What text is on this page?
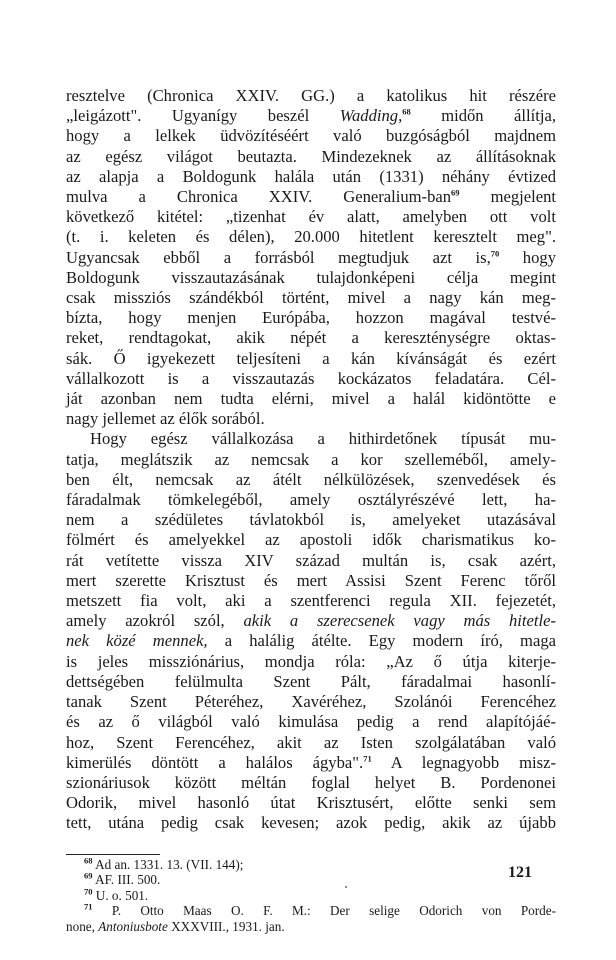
resztelve (Chronica XXIV. GG.) a katolikus hit részére
„leigázott". Ugyanígy beszél Wadding,$^{68}$ midőn állítja,
hogy a lelkek üdvözítéséért való buzgóságból majdnem
az egész világot beutazta. Mindezeknek az állításoknak
az alapja a Boldogunk halála után (1331) néhány évtized
mulva a Chronica XXIV. Generalium-ban$^{69}$ megjelent
következő kitétel: „tizenhat év alatt, amelyben ott volt
(t. i. keleten és délen), 20.000 hitetlent keresztelt meg".
Ugyancsak ebből a forrásból megtudjuk azt is,$^{70}$ hogy
Boldogunk visszautazásának tulajdonképeni célja megint
csak missziós szándékból történt, mivel a nagy kán meg-
bízta, hogy menjen Európába, hozzon magával testvé-
reket, rendtagokat, akik népét a kereszténységre oktas-
sák. Ő igyekezett teljesíteni a kán kívánságát és ezért
vállalkozott is a visszautazás kockázatos feladatára. Cél-
ját azonban nem tudta elérni, mivel a halál kidöntötte e
nagy jellemet az élők sorából.
Hogy egész vállalkozása a hithirdetőnek típusát mu-
tatja, meglátszik az nemcsak a kor szelleméből, amely-
ben élt, nemcsak az átélt nélkülözések, szenvedések és
fáradalmak tömkelegéből, amely osztályrészévé lett, ha-
nem a szédületes távlatokból is, amelyeket utazásával
fölmért és amelyekkel az apostoli idők charismatikus ko-
rát vetítette vissza XIV század multán is, csak azért,
mert szerette Krisztust és mert Assisi Szent Ferenc tőről
metszett fia volt, aki a szentferenci regula XII. fejezetét,
amely azokról szól, akik a szerecsenek vagy más hitetle-
nek közé mennek, a halálig átélte. Egy modern író, maga
is jeles missziónárius, mondja róla: „Az ő útja kiterje-
dettségében felülmulta Szent Pált, fáradalmai hasonlí-
tanak Szent Péteréhez, Xavéréhez, Szolánói Ferencéhez
és az ő világból való kimulása pedig a rend alapítójáé-
hoz, Szent Ferencéhez, akit az Isten szolgálatában való
kimerülés döntött a halálos ágyba".$^{71}$ A legnagyobb misz-
szionáriusok között méltán foglal helyet B. Pordenonei
Odorik, mivel hasonló útat Krisztusért, előtte senki sem
tett, utána pedig csak kevesen; azok pedig, akik az újabb
$^{68}$ Ad an. 1331. 13. (VII. 144);
$^{69}$ AF. III. 500.
$^{70}$ U. o. 501.
$^{71}$ P. Otto Maas O. F. M.: Der selige Odorich von Porde-
none, Antoniusbote XXXVIII., 1931. jan.
121
